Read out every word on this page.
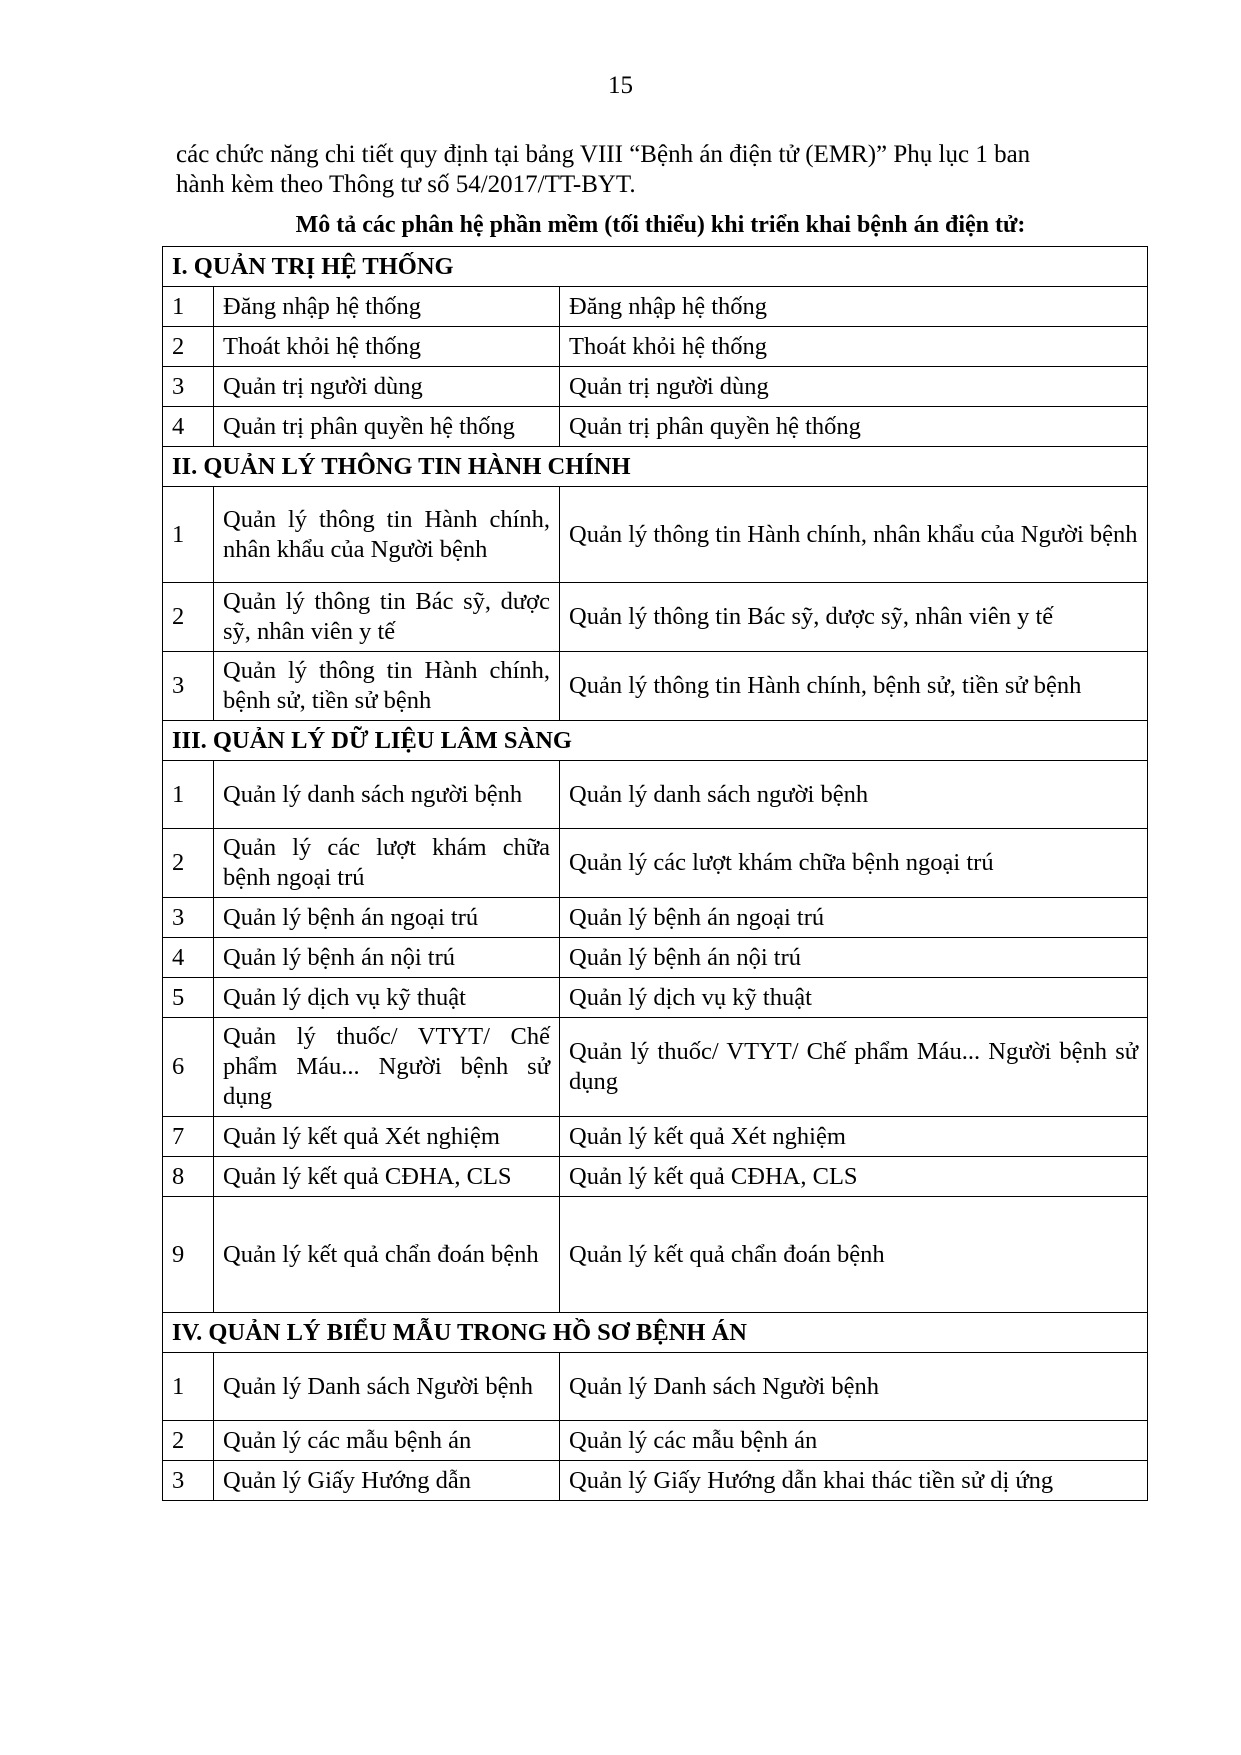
15

các chức năng chi tiết quy định tại bảng VIII “Bệnh án điện tử (EMR)” Phụ lục 1 ban

hành kèm theo Thông tư số 54/2017/TT-BYT.

Mô tả các phân hệ phần mềm (tối thiểu) khi triển khai bệnh án điện tử:
I. QUẢN TRỊ HỆ THỐNG		
1	Đăng nhập hệ thống	Đăng nhập hệ thống
2	Thoát khỏi hệ thống	Thoát khỏi hệ thống
3	Quản trị người dùng	Quản trị người dùng
4	Quản trị phân quyền hệ thống	Quản trị phân quyền hệ thống
II. QUẢN LÝ THÔNG TIN HÀNH CHÍNH		
1	Quản lý thông tin Hành chính, nhân khẩu của Người bệnh	Quản lý thông tin Hành chính, nhân khẩu của Người bệnh
2	Quản lý thông tin Bác sỹ, dược sỹ, nhân viên y tế	Quản lý thông tin Bác sỹ, dược sỹ, nhân viên y tế
3	Quản lý thông tin Hành chính, bệnh sử, tiền sử bệnh	Quản lý thông tin Hành chính, bệnh sử, tiền sử bệnh
III. QUẢN LÝ DỮ LIỆU LÂM SÀNG		
1	Quản lý danh sách người bệnh	Quản lý danh sách người bệnh
2	Quản lý các lượt khám chữa bệnh ngoại trú	Quản lý các lượt khám chữa bệnh ngoại trú
3	Quản lý bệnh án ngoại trú	Quản lý bệnh án ngoại trú
4	Quản lý bệnh án nội trú	Quản lý bệnh án nội trú
5	Quản lý dịch vụ kỹ thuật	Quản lý dịch vụ kỹ thuật
6	Quản lý thuốc/ VTYT/ Chế phẩm Máu... Người bệnh sử dụng	Quản lý thuốc/ VTYT/ Chế phẩm Máu... Người bệnh sử dụng
7	Quản lý kết quả Xét nghiệm	Quản lý kết quả Xét nghiệm
8	Quản lý kết quả CĐHA, CLS	Quản lý kết quả CĐHA, CLS
9	Quản lý kết quả chẩn đoán bệnh	Quản lý kết quả chẩn đoán bệnh
IV. QUẢN LÝ BIỂU MẪU TRONG HỒ SƠ BỆNH ÁN		
1	Quản lý Danh sách Người bệnh	Quản lý Danh sách Người bệnh
2	Quản lý các mẫu bệnh án	Quản lý các mẫu bệnh án
3	Quản lý Giấy Hướng dẫn	Quản lý Giấy Hướng dẫn khai thác tiền sử dị ứng
